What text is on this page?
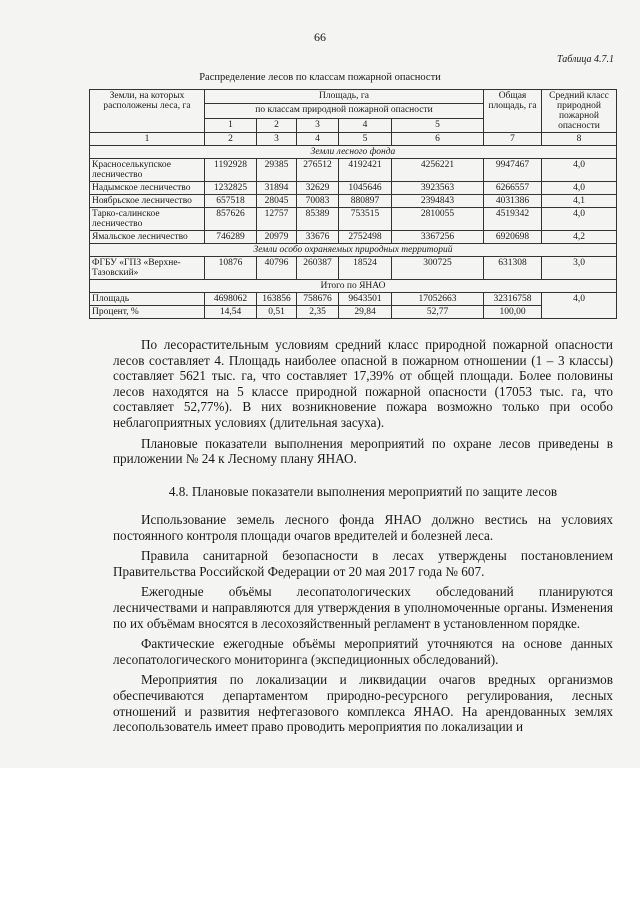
66
Таблица 4.7.1
Распределение лесов по классам пожарной опасности
Земли, на которых расположены леса, га	Площадь, га					Общая площадь, га	Средний класс природной пожарной опасности
	по классам природной пожарной опасности						
	1	2	3	4	5		
1	2	3	4	5	6	7	8
Земли лесного фонда							
Красноселькупское лесничество	1192928	29385	276512	4192421	4256221	9947467	4,0
Надымское лесничество	1232825	31894	32629	1045646	3923563	6266557	4,0
Ноябрьское лесничество	657518	28045	70083	880897	2394843	4031386	4,1
Тарко-салинское лесничество	857626	12757	85389	753515	2810055	4519342	4,0
Ямальское лесничество	746289	20979	33676	2752498	3367256	6920698	4,2
Земли особо охраняемых природных территорий							
ФГБУ «ГПЗ «Верхне-Тазовский»	10876	40796	260387	18524	300725	631308	3,0
Итого по ЯНАО							
Площадь	4698062	163856	758676	9643501	17052663	32316758	4,0
Процент, %	14,54	0,51	2,35	29,84	52,77	100,00	

По лесорастительным условиям средний класс природной пожарной опасности лесов составляет 4. Площадь наиболее опасной в пожарном отношении (1 – 3 классы) составляет 5621 тыс. га, что составляет 17,39% от общей площади. Более половины лесов находятся на 5 классе природной пожарной опасности (17053 тыс. га, что составляет 52,77%). В них возникновение пожара возможно только при особо неблагоприятных условиях (длительная засуха).

Плановые показатели выполнения мероприятий по охране лесов приведены в приложении № 24 к Лесному плану ЯНАО.

4.8. Плановые показатели выполнения мероприятий по защите лесов

Использование земель лесного фонда ЯНАО должно вестись на условиях постоянного контроля площади очагов вредителей и болезней леса.

Правила санитарной безопасности в лесах утверждены постановлением Правительства Российской Федерации от 20 мая 2017 года № 607.

Ежегодные объёмы лесопатологических обследований планируются лесничествами и направляются для утверждения в уполномоченные органы. Изменения по их объёмам вносятся в лесохозяйственный регламент в установленном порядке.

Фактические ежегодные объёмы мероприятий уточняются на основе данных лесопатологического мониторинга (экспедиционных обследований).

Мероприятия по локализации и ликвидации очагов вредных организмов обеспечиваются департаментом природно-ресурсного регулирования, лесных отношений и развития нефтегазового комплекса ЯНАО. На арендованных землях лесопользователь имеет право проводить мероприятия по локализации и
